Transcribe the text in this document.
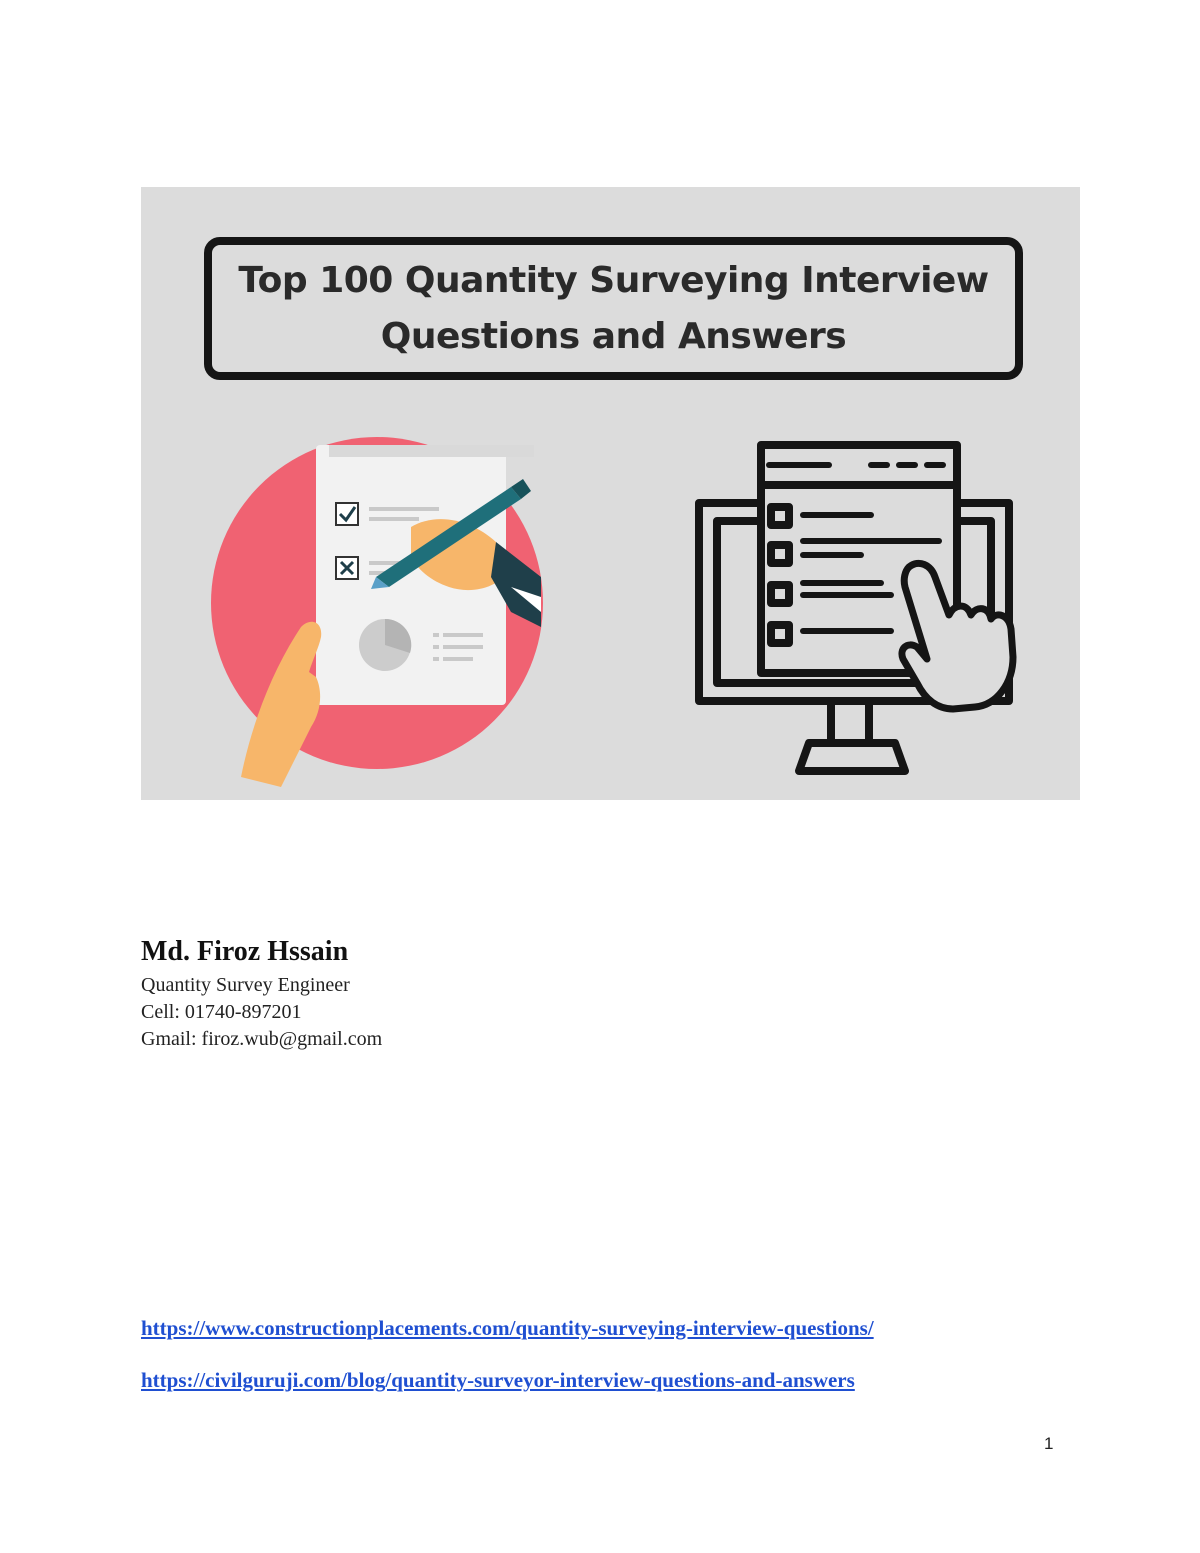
Top 100 Quantity Surveying Interview
Questions and Answers
Md. Firoz Hssain
Quantity Survey Engineer
Cell: 01740-897201
Gmail: firoz.wub@gmail.com
https://www.constructionplacements.com/quantity-surveying-interview-questions/
https://civilguruji.com/blog/quantity-surveyor-interview-questions-and-answers
1
